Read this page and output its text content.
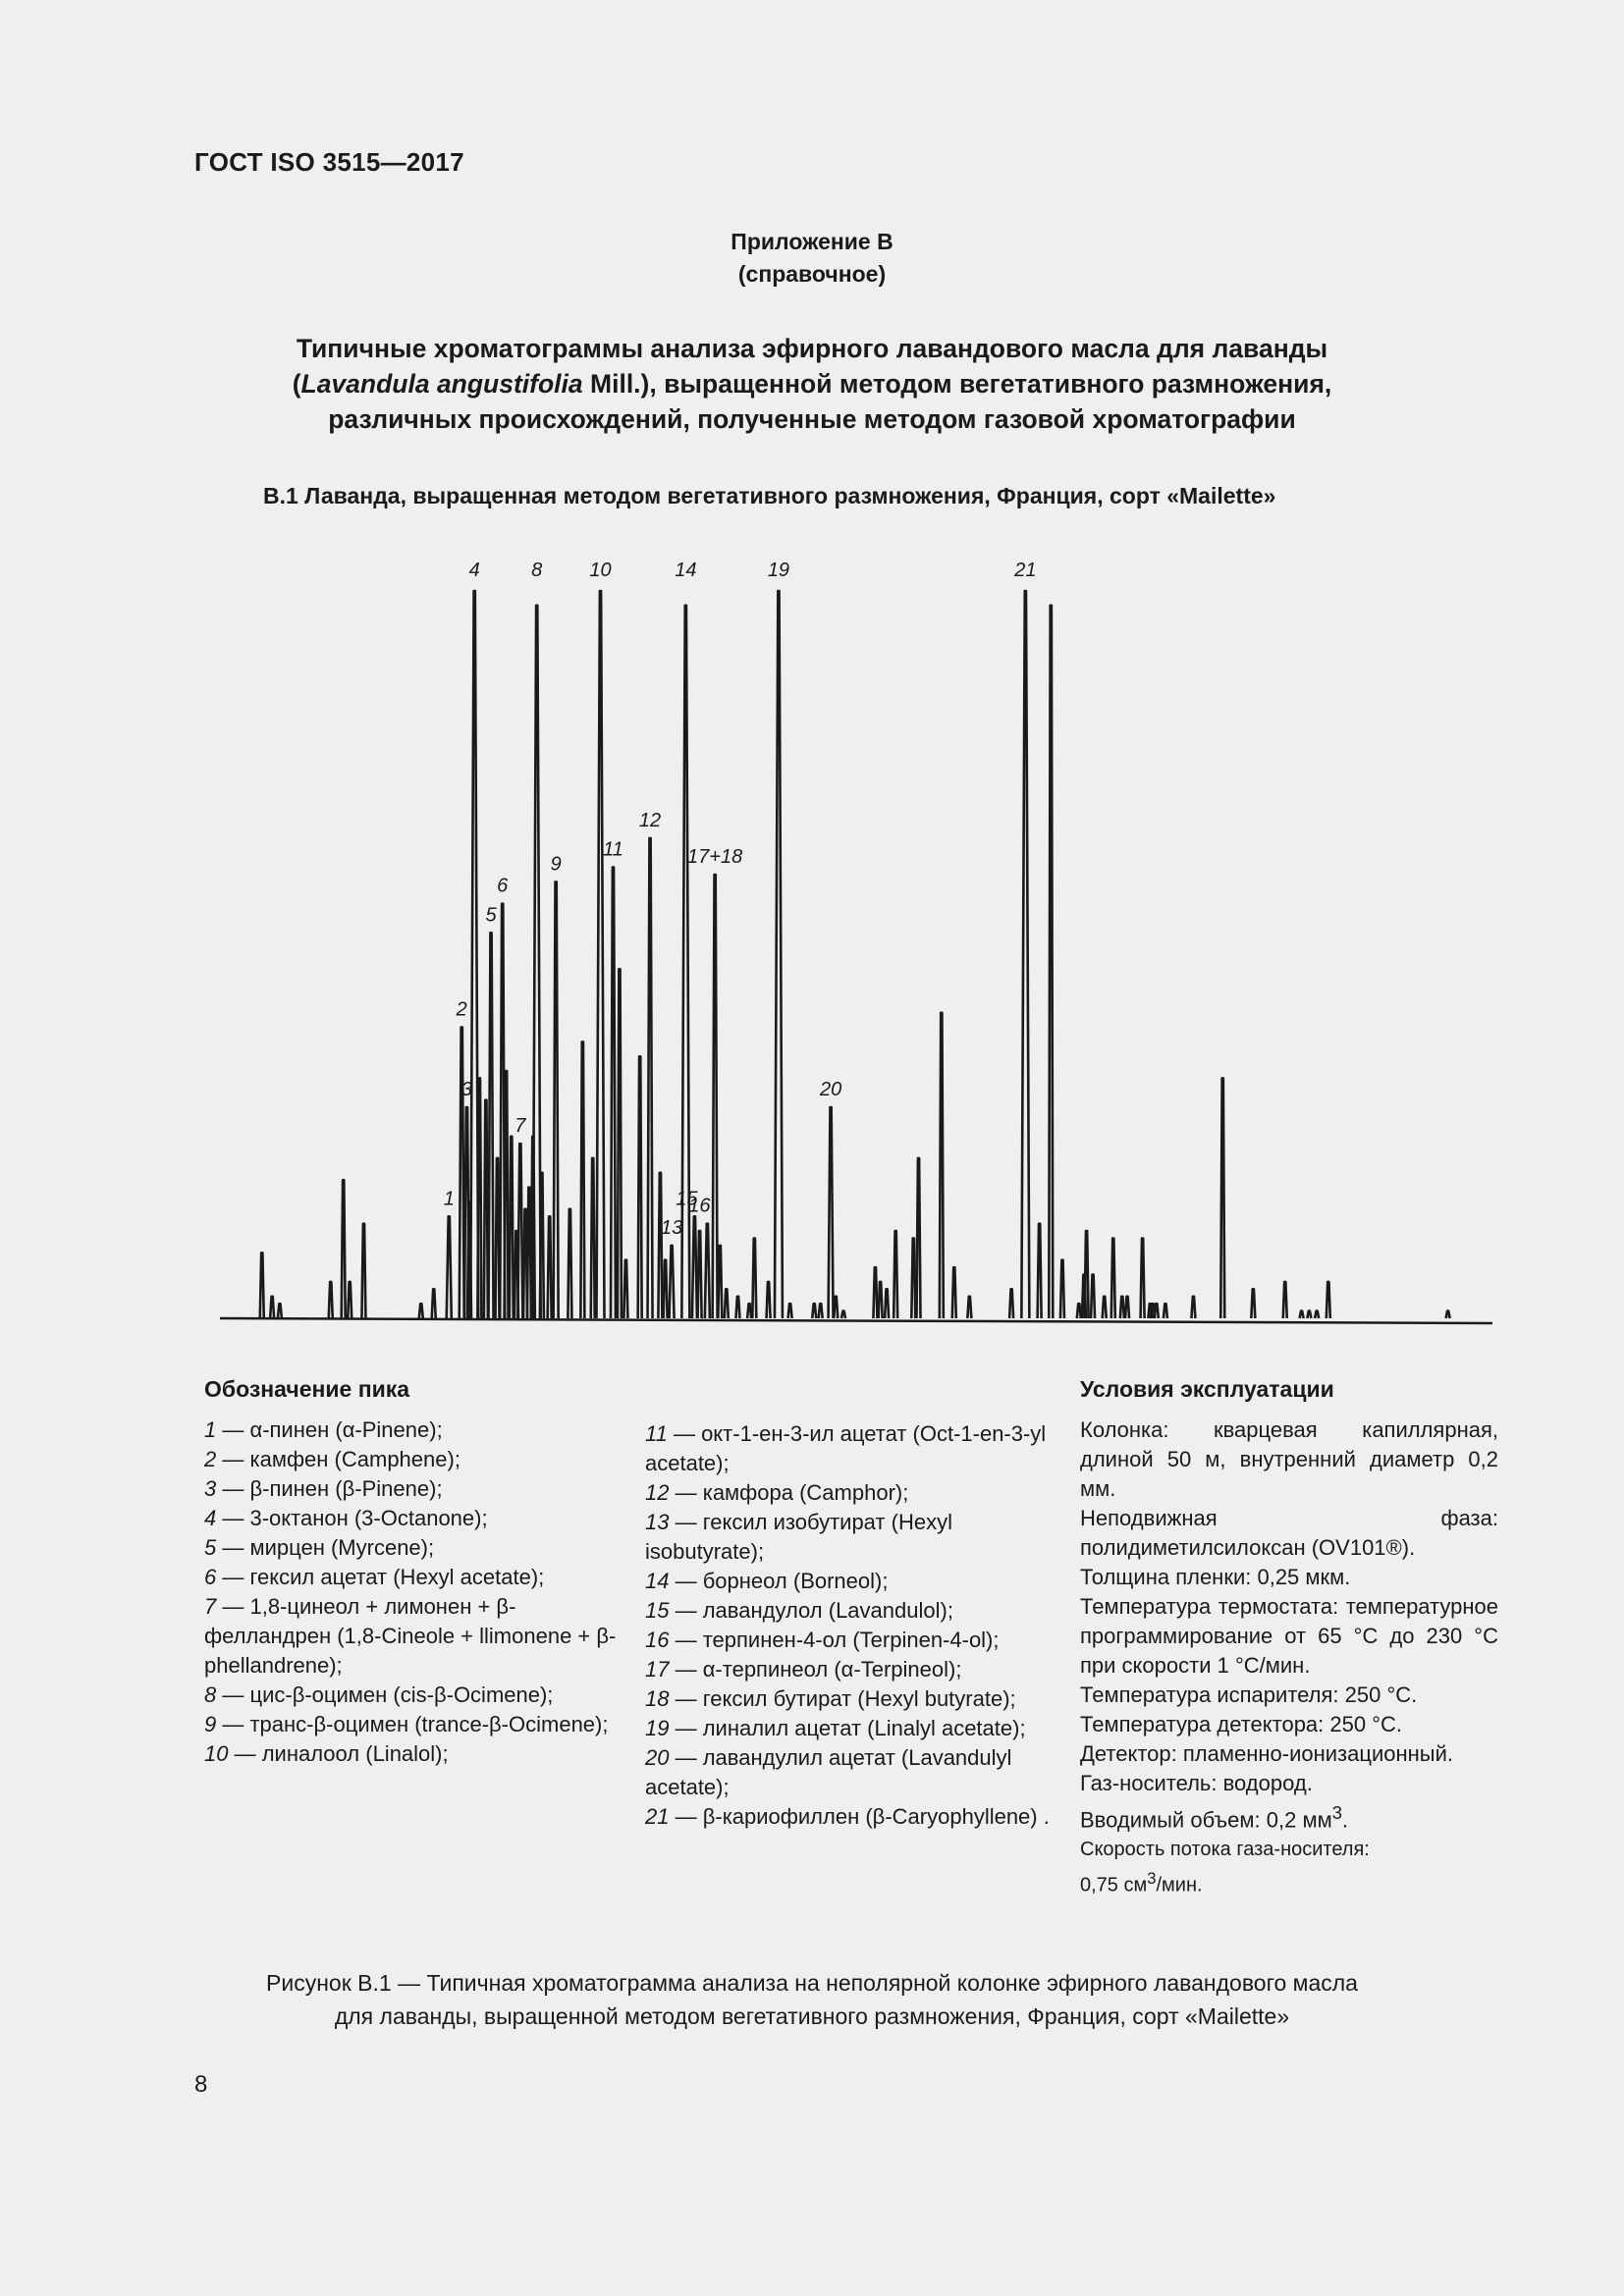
ГОСТ ISO 3515—2017
Приложение В
(справочное)
Типичные хроматограммы анализа эфирного лавандового масла для лаванды
(Lavandula angustifolia Mill.), выращенной методом вегетативного размножения,
различных происхождений, полученные методом газовой хроматографии
В.1 Лаванда, выращенная методом вегетативного размножения, Франция, сорт «Mailette»
1
2
3
4
5
6
7
8
9
10
11
12
13
14
15
16
17+18
19
20
21
Обозначение пика
1 — α-пинен (α-Pinene);
2 — камфен (Camphene);
3 — β-пинен (β-Pinene);
4 — 3-октанон (3-Octanone);
5 — мирцен (Myrcene);
6 — гексил ацетат (Hexyl acetate);
7 — 1,8-цинеол + лимонен + β-фелландрен (1,8-Cineole + llimonene + β-phellandrene);
8 — цис-β-оцимен (cis-β-Ocimene);
9 — транс-β-оцимен (trance-β-Ocimene);
10 — линалоол (Linalol);
11 — окт-1-ен-3-ил ацетат (Oct-1-en-3-yl acetate);
12 — камфора (Camphor);
13 — гексил изобутират (Hexyl isobutyrate);
14 — борнеол (Borneol);
15 — лавандулол (Lavandulol);
16 — терпинен-4-ол (Terpinen-4-ol);
17 — α-терпинеол (α-Terpineol);
18 — гексил бутират (Hexyl butyrate);
19 — линалил ацетат (Linalyl acetate);
20 — лавандулил ацетат (Lavandulyl acetate);
21 — β-кариофиллен (β-Caryophyllene) .
Условия эксплуатации
Колонка: кварцевая капиллярная, длиной 50 м, внутренний диаметр 0,2 мм.
Неподвижная фаза: полидиметилсилоксан (OV101®).
Толщина пленки: 0,25 мкм.
Температура термостата: температурное программирование от 65 °С до 230 °С при скорости 1 °С/мин.
Температура испарителя: 250 °С.
Температура детектора: 250 °С.
Детектор: пламенно-ионизационный.
Газ-носитель: водород.
Вводимый объем: 0,2 $мм^3$.
Скорость потока газа-носителя:
0,75 $см^3$/мин.
Рисунок В.1 — Типичная хроматограмма анализа на неполярной колонке эфирного лавандового масла
для лаванды, выращенной методом вегетативного размножения, Франция, сорт «Mailette»
8
